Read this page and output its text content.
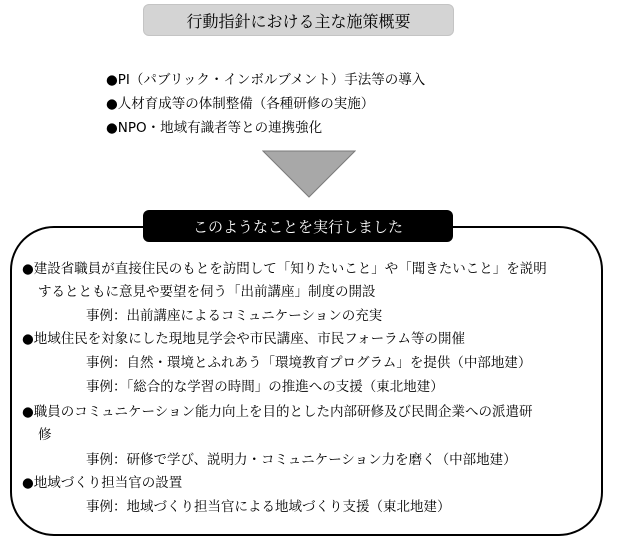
行動指針における主な施策概要
●PI（パブリック・インボルブメント）手法等の導入
●人材育成等の体制整備（各種研修の実施）
●NPO・地域有識者等との連携強化
このようなことを実行しました
●建設省職員が直接住民のもとを訪問して「知りたいこと」や「聞きたいこと」を説明
するとともに意見や要望を伺う「出前講座」制度の開設
事例：出前講座によるコミュニケーションの充実
●地域住民を対象にした現地見学会や市民講座、市民フォーラム等の開催
事例：自然・環境とふれあう「環境教育プログラム」を提供（中部地建）
事例：「総合的な学習の時間」の推進への支援（東北地建）
●職員のコミュニケーション能力向上を目的とした内部研修及び民間企業への派遣研
修
事例：研修で学び、説明力・コミュニケーション力を磨く（中部地建）
●地域づくり担当官の設置
事例：地域づくり担当官による地域づくり支援（東北地建）
